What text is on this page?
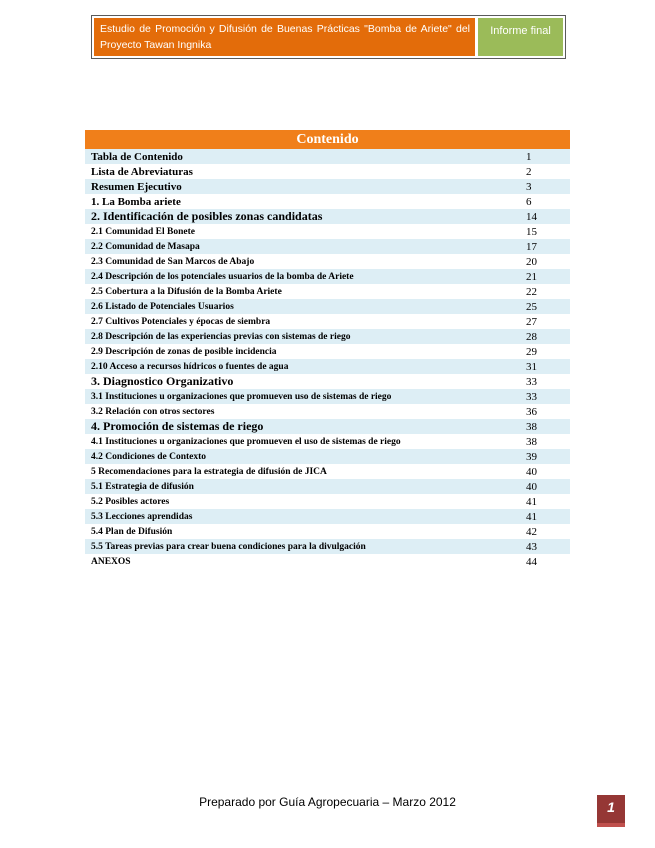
Estudio de Promoción y Difusión de Buenas Prácticas "Bomba de Ariete" del Proyecto Tawan Ingnika
Informe final
Contenido
Tabla de Contenido	1
Lista de Abreviaturas	2
Resumen Ejecutivo	3
1. La Bomba ariete	6
2. Identificación de posibles zonas candidatas	14
2.1 Comunidad El Bonete	15
2.2 Comunidad de Masapa	17
2.3 Comunidad de San Marcos de Abajo	20
2.4 Descripción de los potenciales usuarios de la bomba de Ariete	21
2.5 Cobertura a la Difusión de la Bomba Ariete	22
2.6 Listado de Potenciales Usuarios	25
2.7 Cultivos Potenciales y épocas de siembra	27
2.8 Descripción de las experiencias previas con sistemas de riego	28
2.9 Descripción de zonas de posible incidencia	29
2.10 Acceso a recursos hídricos o fuentes de agua	31
3. Diagnostico Organizativo	33
3.1 Instituciones u organizaciones que promueven uso de sistemas de riego	33
3.2 Relación con otros sectores	36
4. Promoción de sistemas de riego	38
4.1 Instituciones u organizaciones que promueven el uso de sistemas de riego	38
4.2 Condiciones de Contexto	39
5 Recomendaciones para la estrategia de difusión de JICA	40
5.1 Estrategia de difusión	40
5.2 Posibles actores	41
5.3 Lecciones aprendidas	41
5.4 Plan de Difusión	42
5.5 Tareas previas para crear buena condiciones para la divulgación	43
ANEXOS	44
Preparado por Guía Agropecuaria – Marzo 2012	1
